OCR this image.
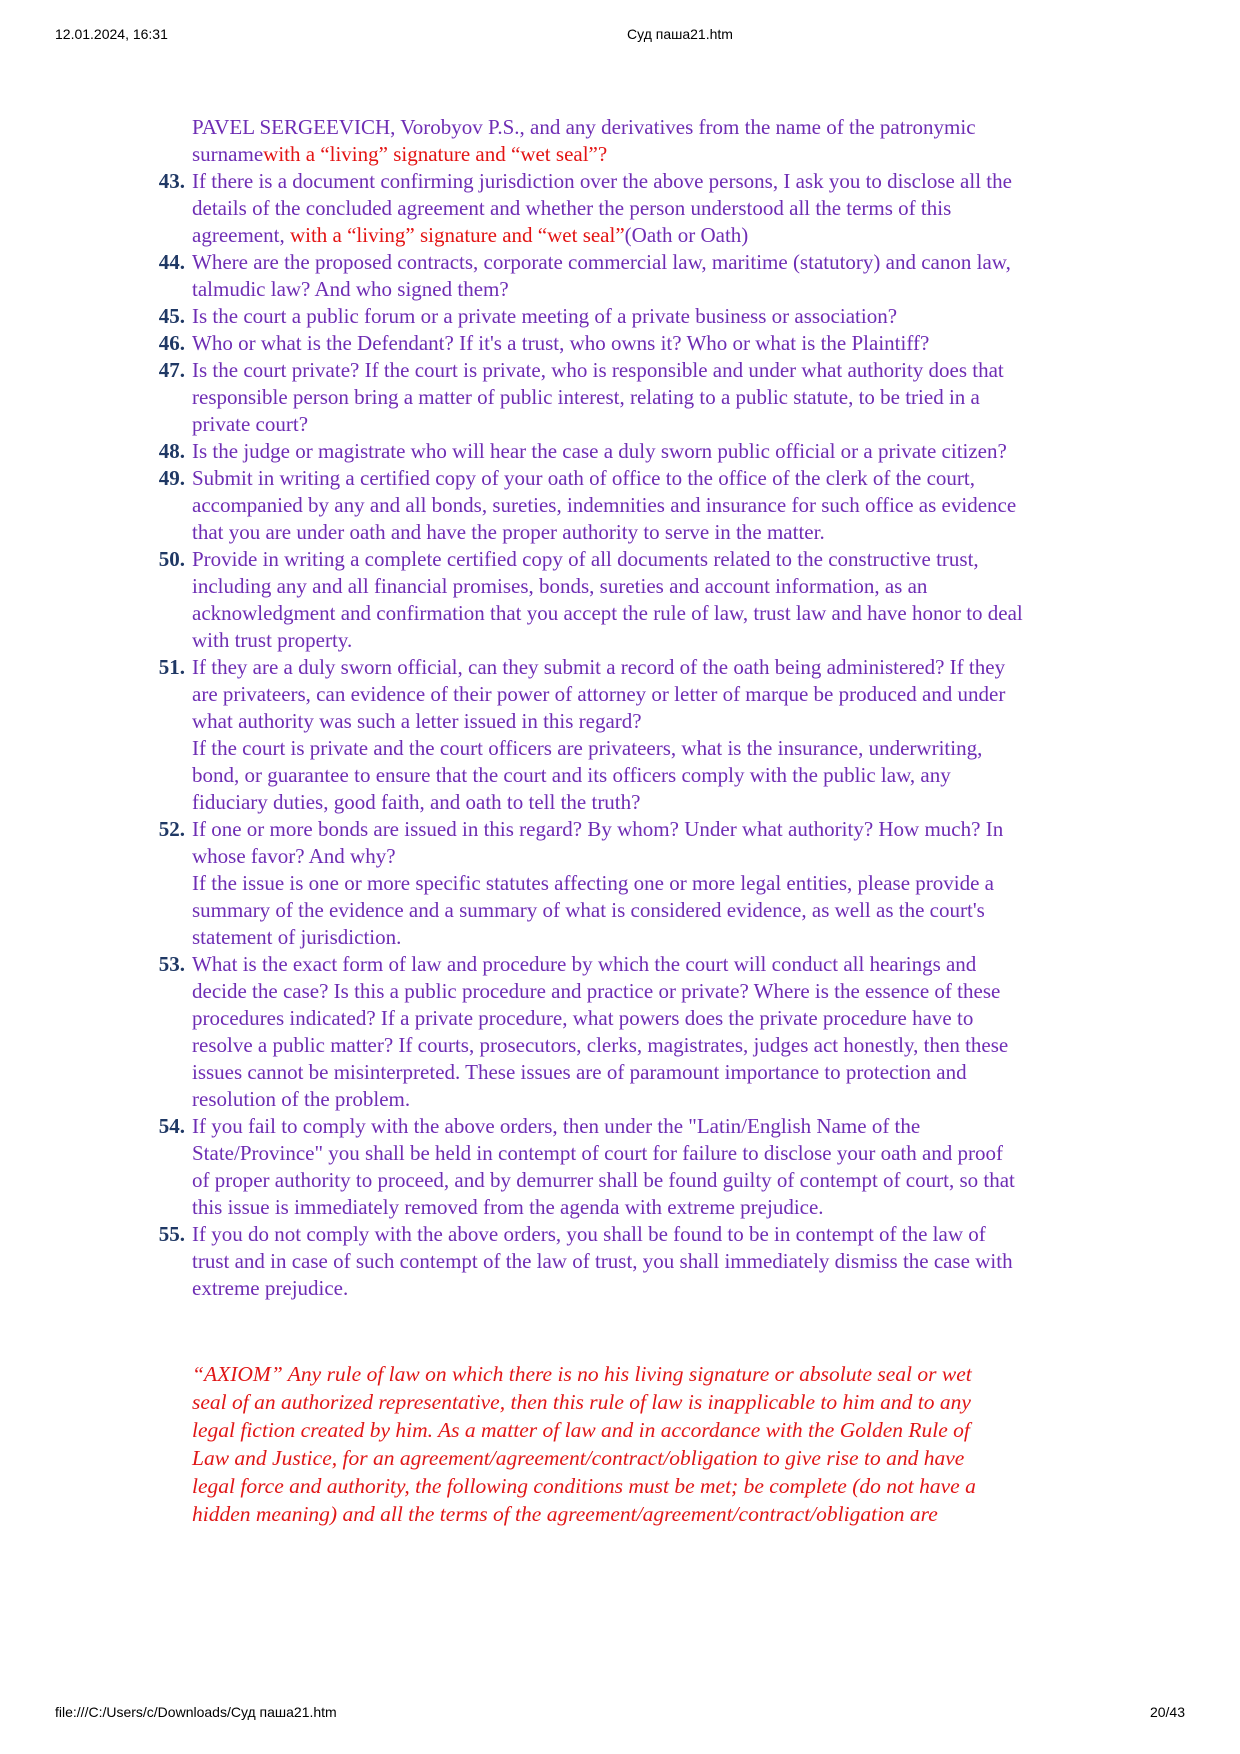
12.01.2024, 16:31	Суд паша21.htm
PAVEL SERGEEVICH, Vorobyov P.S., and any derivatives from the name of the patronymic surnamewith a “living” signature and “wet seal”?
43. If there is a document confirming jurisdiction over the above persons, I ask you to disclose all the details of the concluded agreement and whether the person understood all the terms of this agreement, with a “living” signature and “wet seal”(Oath or Oath)
44. Where are the proposed contracts, corporate commercial law, maritime (statutory) and canon law, talmudic law? And who signed them?
45. Is the court a public forum or a private meeting of a private business or association?
46. Who or what is the Defendant? If it's a trust, who owns it? Who or what is the Plaintiff?
47. Is the court private? If the court is private, who is responsible and under what authority does that responsible person bring a matter of public interest, relating to a public statute, to be tried in a private court?
48. Is the judge or magistrate who will hear the case a duly sworn public official or a private citizen?
49. Submit in writing a certified copy of your oath of office to the office of the clerk of the court, accompanied by any and all bonds, sureties, indemnities and insurance for such office as evidence that you are under oath and have the proper authority to serve in the matter.
50. Provide in writing a complete certified copy of all documents related to the constructive trust, including any and all financial promises, bonds, sureties and account information, as an acknowledgment and confirmation that you accept the rule of law, trust law and have honor to deal with trust property.
51. If they are a duly sworn official, can they submit a record of the oath being administered? If they are privateers, can evidence of their power of attorney or letter of marque be produced and under what authority was such a letter issued in this regard?
If the court is private and the court officers are privateers, what is the insurance, underwriting, bond, or guarantee to ensure that the court and its officers comply with the public law, any fiduciary duties, good faith, and oath to tell the truth?
52. If one or more bonds are issued in this regard? By whom? Under what authority? How much? In whose favor? And why?
If the issue is one or more specific statutes affecting one or more legal entities, please provide a summary of the evidence and a summary of what is considered evidence, as well as the court's statement of jurisdiction.
53. What is the exact form of law and procedure by which the court will conduct all hearings and decide the case? Is this a public procedure and practice or private? Where is the essence of these procedures indicated? If a private procedure, what powers does the private procedure have to resolve a public matter? If courts, prosecutors, clerks, magistrates, judges act honestly, then these issues cannot be misinterpreted. These issues are of paramount importance to protection and resolution of the problem.
54. If you fail to comply with the above orders, then under the "Latin/English Name of the State/Province" you shall be held in contempt of court for failure to disclose your oath and proof of proper authority to proceed, and by demurrer shall be found guilty of contempt of court, so that this issue is immediately removed from the agenda with extreme prejudice.
55. If you do not comply with the above orders, you shall be found to be in contempt of the law of trust and in case of such contempt of the law of trust, you shall immediately dismiss the case with extreme prejudice.
“AXIOM” Any rule of law on which there is no his living signature or absolute seal or wet seal of an authorized representative, then this rule of law is inapplicable to him and to any legal fiction created by him. As a matter of law and in accordance with the Golden Rule of Law and Justice, for an agreement/agreement/contract/obligation to give rise to and have legal force and authority, the following conditions must be met; be complete (do not have a hidden meaning) and all the terms of the agreement/agreement/contract/obligation are
file:///C:/Users/c/Downloads/Суд паша21.htm	20/43
